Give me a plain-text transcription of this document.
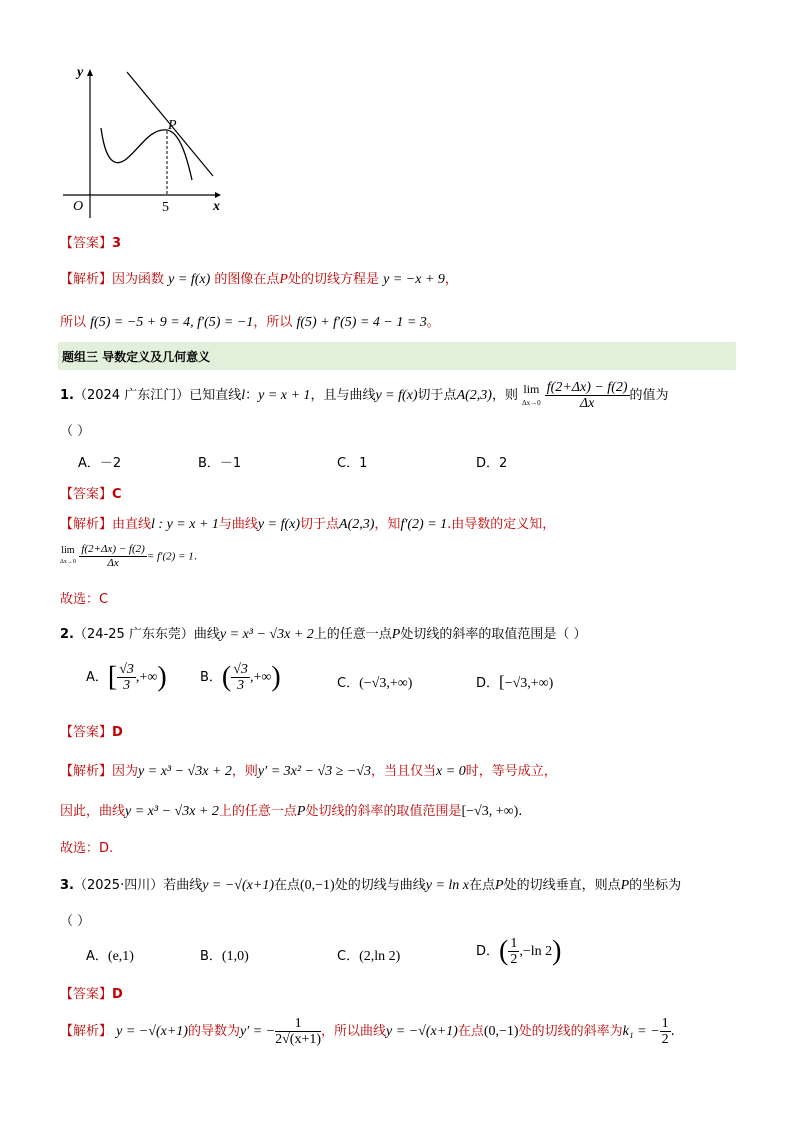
y
x
O
P
5
【答案】3
【解析】因为函数 y = f(x) 的图像在点P处的切线方程是 y = −x + 9，
所以 f(5) = −5 + 9 = 4, f′(5) = −1，所以 f(5) + f′(5) = 4 − 1 = 3。
题组三 导数定义及几何意义
1.（2024 广东江门）已知直线l：y = x + 1，且与曲线y = f(x)切于点A(2,3)，则 lim
$\Delta x\to 0 \frac{f(2+\Delta x) - f(2)}{\Delta x}$ 的值为
（ ）
A．－2	B．－1	C．1	D．2
【答案】C
【解析】由直线l : y = x + 1与曲线y = f(x)切于点A(2,3)，知f′(2) = 1.由导数的定义知，
lim
$\Delta x\to 0 \frac{f(2+\Delta x) - f(2)}{\Delta x} = f'(2) = 1$.
故选：C
2.（24-25 广东东莞）曲线y = x³ − √3x + 2上的任意一点P处切线的斜率的取值范围是（ ）
A．[ $\frac{√3}{3}$ ,+∞)	B．( $\frac{√3}{3}$ ,+∞)	C．(−√3,+∞)	D．[−√3,+∞)
【答案】D
【解析】因为y = x³ − √3x + 2，则y′ = 3x² − √3 ≥ −√3，当且仅当x = 0时，等号成立，
因此，曲线y = x³ − √3x + 2上的任意一点P处切线的斜率的取值范围是[−√3, +∞).
故选：D.
3.（2025·四川）若曲线y = −√(x+1)在点(0,−1)处的切线与曲线y = ln x在点P处的切线垂直，则点P的坐标为
（ ）
A．(e,1)	B．(1,0)	C．(2,ln 2)	D．( $\frac{1}{2} ,-\ln$ 2)
【答案】D
【解析】 y = −√(x+1)的导数为y′ = − $\frac{1}{2√(x+1)}$ ，所以曲线y = −√(x+1)在点(0,−1)处的切线的斜率为k₁ = − $\frac{1}{2}$ .
